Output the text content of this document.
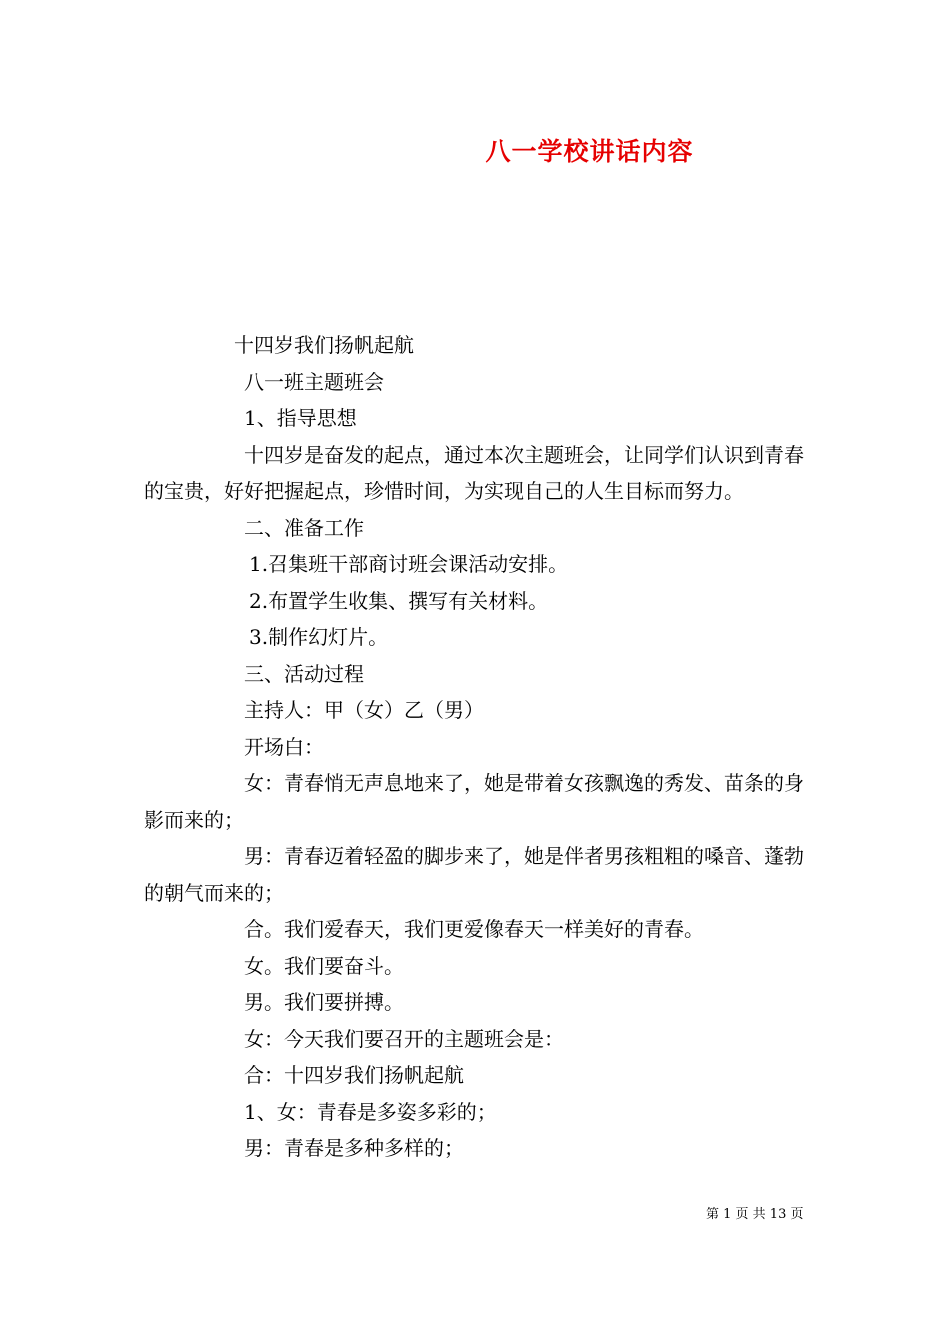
八一学校讲话内容
十四岁我们扬帆起航
八一班主题班会
1、指导思想
十四岁是奋发的起点，通过本次主题班会，让同学们认识到青春的宝贵，好好把握起点，珍惜时间，为实现自己的人生目标而努力。
二、准备工作
1.召集班干部商讨班会课活动安排。
2.布置学生收集、撰写有关材料。
3.制作幻灯片。
三、活动过程
主持人：甲（女）乙（男）
开场白：
女：青春悄无声息地来了，她是带着女孩飘逸的秀发、苗条的身影而来的；
男：青春迈着轻盈的脚步来了，她是伴者男孩粗粗的嗓音、蓬勃的朝气而来的；
合。我们爱春天，我们更爱像春天一样美好的青春。
女。我们要奋斗。
男。我们要拼搏。
女：今天我们要召开的主题班会是：
合：十四岁我们扬帆起航
1、女：青春是多姿多彩的；
男：青春是多种多样的；
第 1 页 共 13 页
